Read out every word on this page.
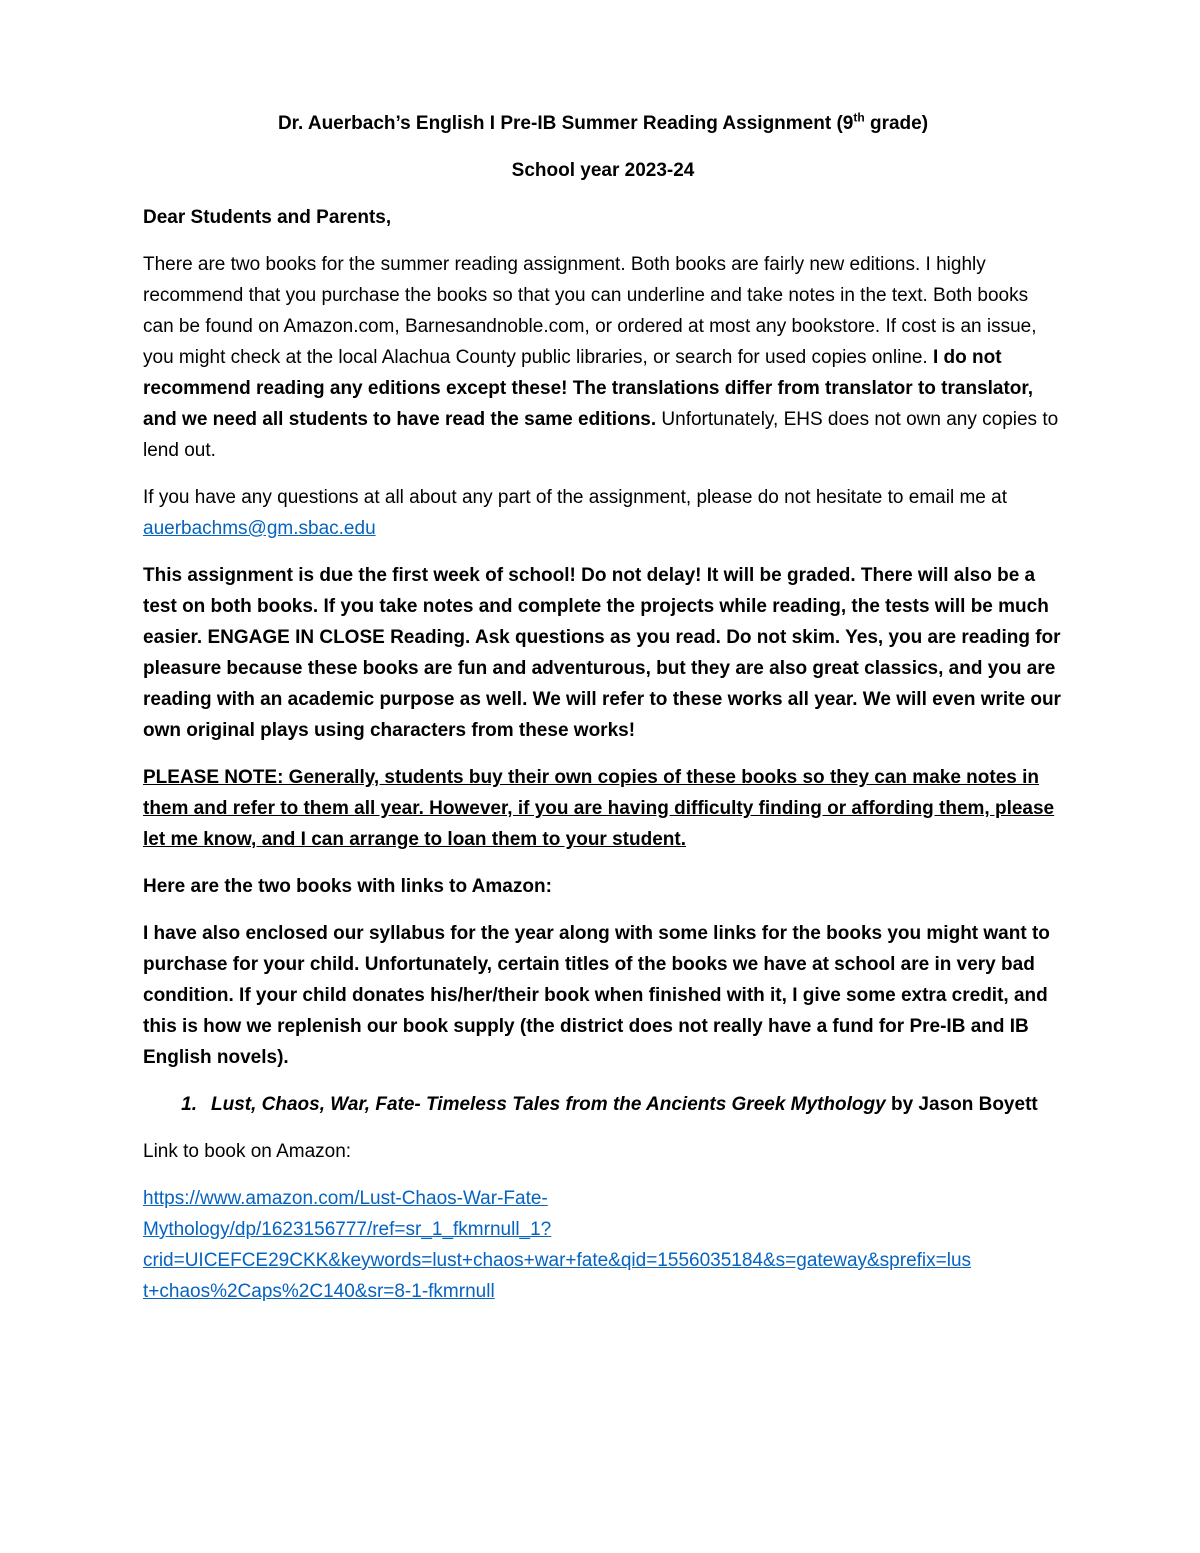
Dr. Auerbach’s English I Pre-IB Summer Reading Assignment (9th grade)

School year 2023-24

Dear Students and Parents,

There are two books for the summer reading assignment. Both books are fairly new editions. I highly recommend that you purchase the books so that you can underline and take notes in the text. Both books can be found on Amazon.com, Barnesandnoble.com, or ordered at most any bookstore. If cost is an issue, you might check at the local Alachua County public libraries, or search for used copies online. I do not recommend reading any editions except these! The translations differ from translator to translator, and we need all students to have read the same editions. Unfortunately, EHS does not own any copies to lend out.

If you have any questions at all about any part of the assignment, please do not hesitate to email me at auerbachms@gm.sbac.edu

This assignment is due the first week of school! Do not delay! It will be graded. There will also be a test on both books. If you take notes and complete the projects while reading, the tests will be much easier. ENGAGE IN CLOSE Reading. Ask questions as you read. Do not skim. Yes, you are reading for pleasure because these books are fun and adventurous, but they are also great classics, and you are reading with an academic purpose as well. We will refer to these works all year. We will even write our own original plays using characters from these works!

PLEASE NOTE: Generally, students buy their own copies of these books so they can make notes in them and refer to them all year. However, if you are having difficulty finding or affording them, please let me know, and I can arrange to loan them to your student.

Here are the two books with links to Amazon:

I have also enclosed our syllabus for the year along with some links for the books you might want to purchase for your child. Unfortunately, certain titles of the books we have at school are in very bad condition. If your child donates his/her/their book when finished with it, I give some extra credit, and this is how we replenish our book supply (the district does not really have a fund for Pre-IB and IB English novels).

1. Lust, Chaos, War, Fate- Timeless Tales from the Ancients Greek Mythology by Jason Boyett

Link to book on Amazon:

https://www.amazon.com/Lust-Chaos-War-Fate-
Mythology/dp/1623156777/ref=sr_1_fkmrnull_1?
crid=UICEFCE29CKK&keywords=lust+chaos+war+fate&qid=1556035184&s=gateway&sprefix=lus
t+chaos%2Caps%2C140&sr=8-1-fkmrnull
